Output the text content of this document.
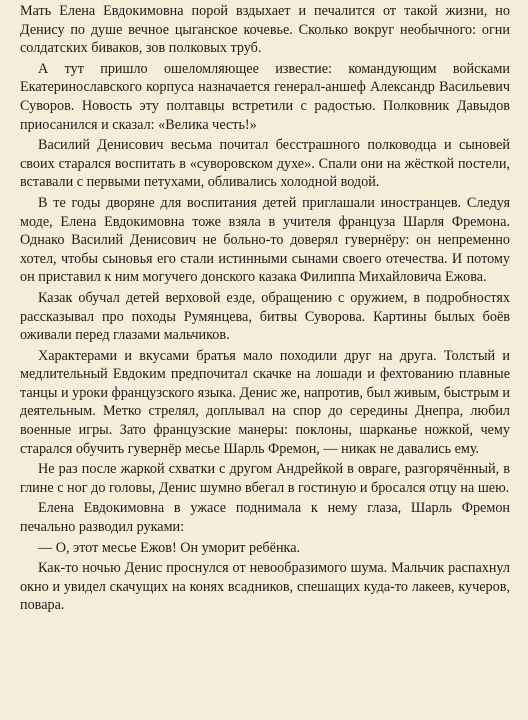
Мать Елена Евдокимовна порой вздыхает и печалится от такой жизни, но Денису по душе вечное цыганское кочевье. Сколько вокруг необычного: огни солдатских биваков, зов полковых труб.

А тут пришло ошеломляющее известие: командующим войсками Екатеринославского корпуса назначается генерал-аншеф Александр Васильевич Суворов. Новость эту полтавцы встретили с радостью. Полковник Давыдов приосанился и сказал: «Велика честь!»

Василий Денисович весьма почитал бесстрашного полководца и сыновей своих старался воспитать в «суворовском духе». Спали они на жёсткой постели, вставали с первыми петухами, обливались холодной водой.

В те годы дворяне для воспитания детей приглашали иностранцев. Следуя моде, Елена Евдокимовна тоже взяла в учителя француза Шарля Фремона. Однако Василий Денисович не больно-то доверял гувернёру: он непременно хотел, чтобы сыновья его стали истинными сынами своего отечества. И потому он приставил к ним могучего донского казака Филиппа Михайловича Ежова.

Казак обучал детей верховой езде, обращению с оружием, в подробностях рассказывал про походы Румянцева, битвы Суворова. Картины былых боёв оживали перед глазами мальчиков.

Характерами и вкусами братья мало походили друг на друга. Толстый и медлительный Евдоким предпочитал скачке на лошади и фехтованию плавные танцы и уроки французского языка. Денис же, напротив, был живым, быстрым и деятельным. Метко стрелял, доплывал на спор до середины Днепра, любил военные игры. Зато французские манеры: поклоны, шарканье ножкой, чему старался обучить гувернёр месье Шарль Фремон, — никак не давались ему.

Не раз после жаркой схватки с другом Андрейкой в овраге, разгорячённый, в глине с ног до головы, Денис шумно вбегал в гостиную и бросался отцу на шею.

Елена Евдокимовна в ужасе поднимала к нему глаза, Шарль Фремон печально разводил руками:

— О, этот месье Ежов! Он уморит ребёнка.

Как-то ночью Денис проснулся от невообразимого шума. Мальчик распахнул окно и увидел скачущих на конях всадников, спешащих куда-то лакеев, кучеров, повара.
